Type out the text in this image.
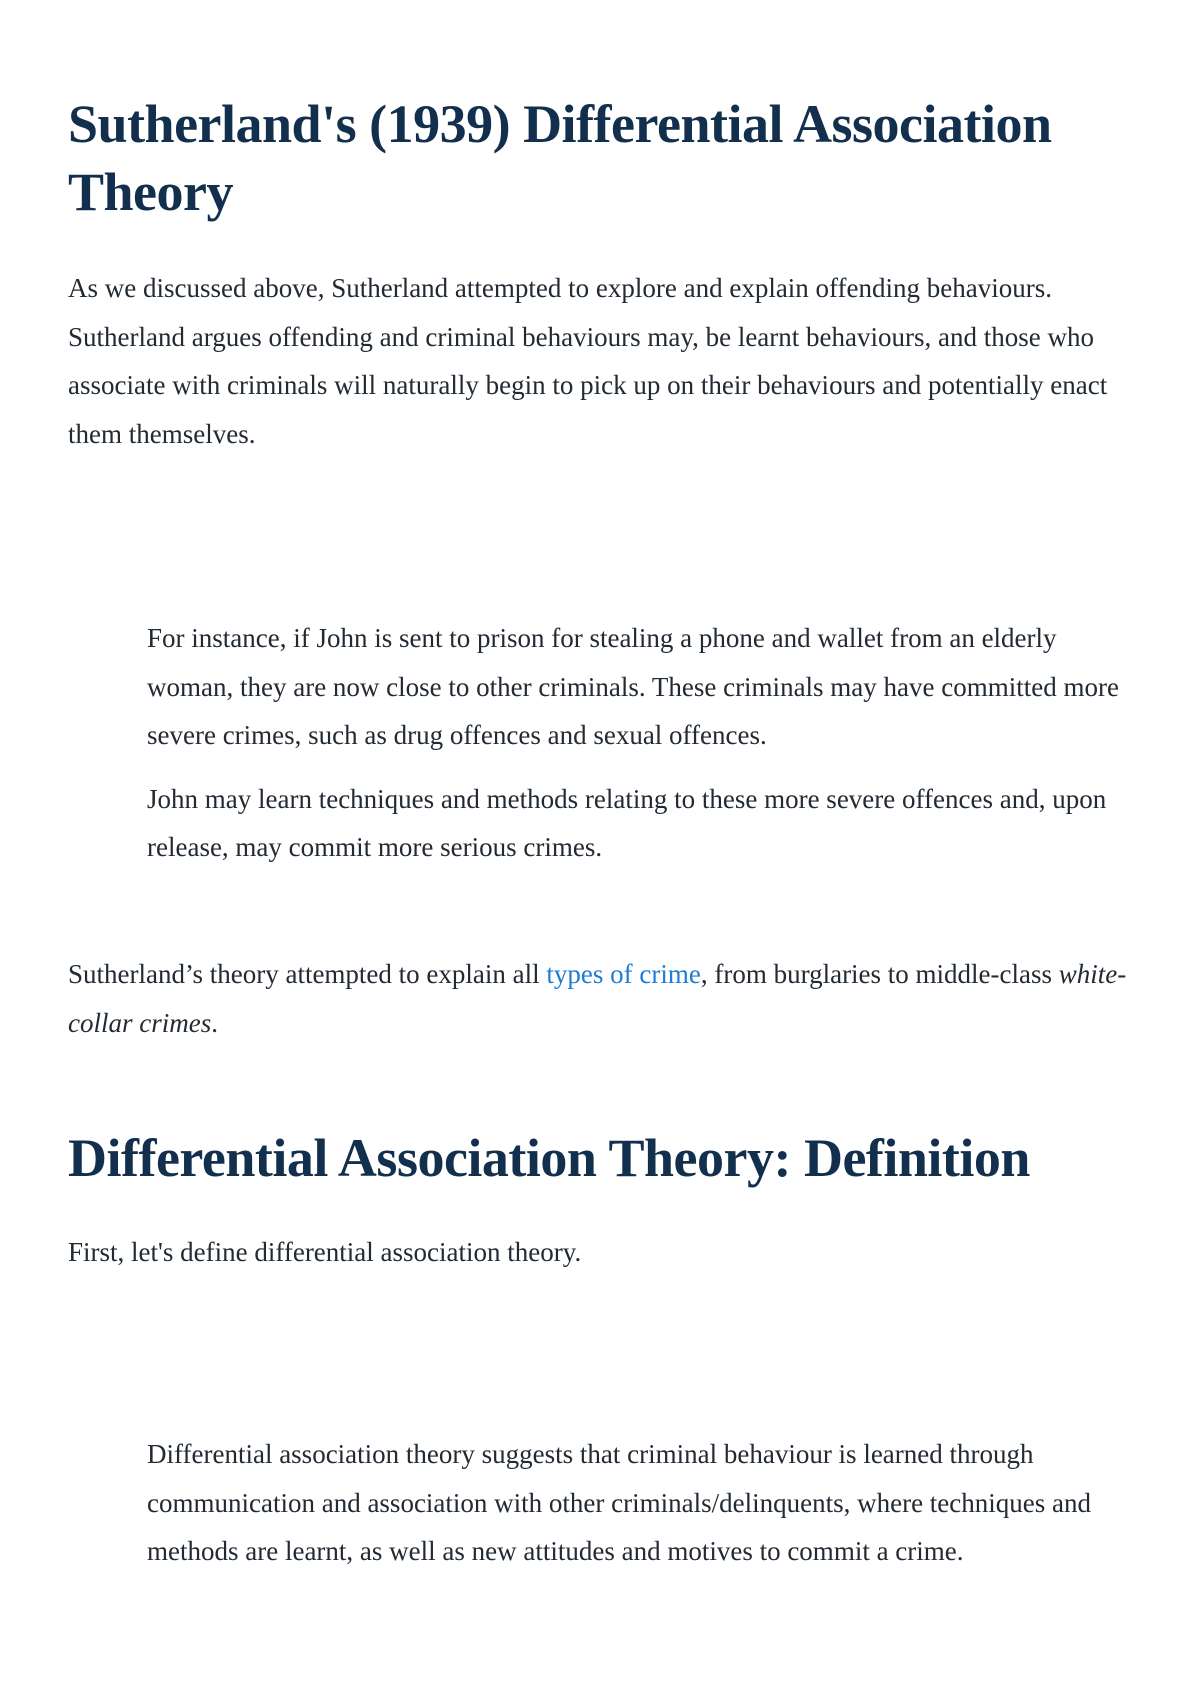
Sutherland's (1939) Differential Association Theory

As we discussed above, Sutherland attempted to explore and explain offending behaviours. Sutherland argues offending and criminal behaviours may, be learnt behaviours, and those who associate with criminals will naturally begin to pick up on their behaviours and potentially enact them themselves.

For instance, if John is sent to prison for stealing a phone and wallet from an elderly woman, they are now close to other criminals. These criminals may have committed more severe crimes, such as drug offences and sexual offences.

John may learn techniques and methods relating to these more severe offences and, upon release, may commit more serious crimes.

Sutherland’s theory attempted to explain all types of crime, from burglaries to middle-class white-collar crimes.

Differential Association Theory: Definition

First, let's define differential association theory.

Differential association theory suggests that criminal behaviour is learned through communication and association with other criminals/delinquents, where techniques and methods are learnt, as well as new attitudes and motives to commit a crime.
